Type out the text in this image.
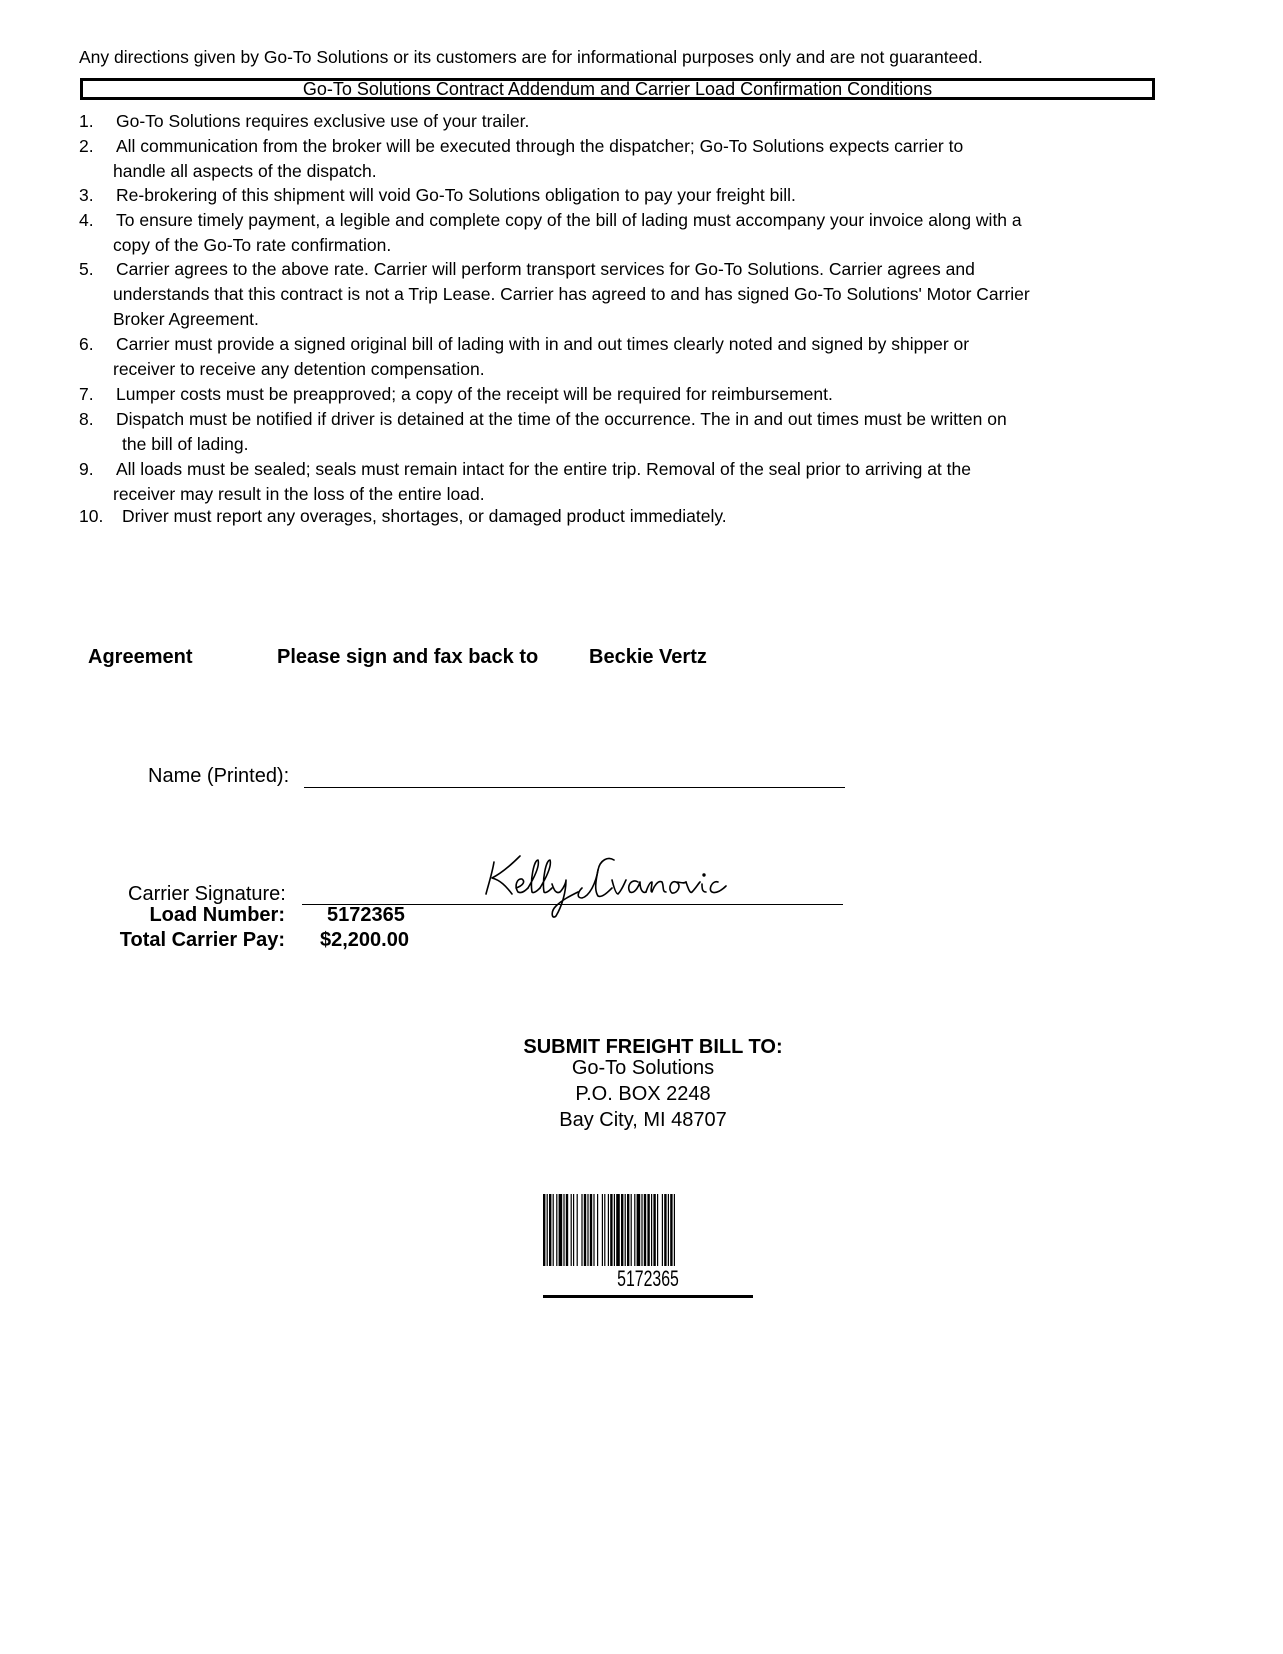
Any directions given by Go-To Solutions or its customers are for informational purposes only and are not guaranteed.
Go-To Solutions Contract Addendum and Carrier Load Confirmation Conditions
1. Go-To Solutions requires exclusive use of your trailer.
2. All communication from the broker will be executed through the dispatcher; Go-To Solutions expects carrier to
handle all aspects of the dispatch.
3. Re-brokering of this shipment will void Go-To Solutions obligation to pay your freight bill.
4. To ensure timely payment, a legible and complete copy of the bill of lading must accompany your invoice along with a
copy of the Go-To rate confirmation.
5. Carrier agrees to the above rate. Carrier will perform transport services for Go-To Solutions. Carrier agrees and
understands that this contract is not a Trip Lease. Carrier has agreed to and has signed Go-To Solutions' Motor Carrier
Broker Agreement.
6. Carrier must provide a signed original bill of lading with in and out times clearly noted and signed by shipper or
receiver to receive any detention compensation.
7. Lumper costs must be preapproved; a copy of the receipt will be required for reimbursement.
8. Dispatch must be notified if driver is detained at the time of the occurrence. The in and out times must be written on
the bill of lading.
9. All loads must be sealed; seals must remain intact for the entire trip. Removal of the seal prior to arriving at the
receiver may result in the loss of the entire load.
10. Driver must report any overages, shortages, or damaged product immediately.
Agreement	Please sign and fax back to	Beckie Vertz
Name (Printed):
Carrier Signature:
Load Number: 5172365
Total Carrier Pay: $2,200.00
SUBMIT FREIGHT BILL TO:
Go-To Solutions
P.O. BOX 2248
Bay City, MI 48707
5172365
